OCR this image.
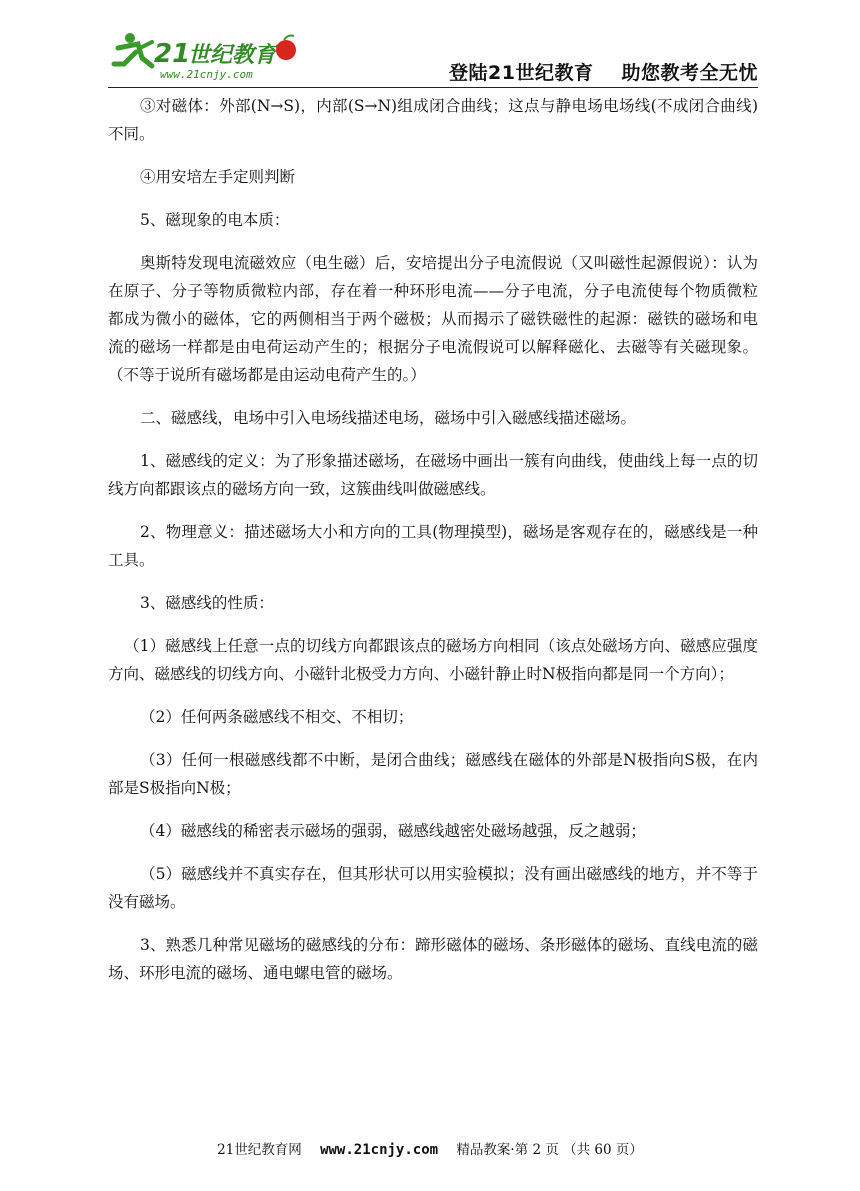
21
世纪教育
www.21cnjy.com	登陆21世纪教育 助您教考全无忧

③对磁体：外部(N→S)，内部(S→N)组成闭合曲线；这点与静电场电场线(不成闭合曲线)不同。

④用安培左手定则判断

5、磁现象的电本质：

奥斯特发现电流磁效应（电生磁）后，安培提出分子电流假说（又叫磁性起源假说）：认为在原子、分子等物质微粒内部，存在着一种环形电流——分子电流，分子电流使每个物质微粒都成为微小的磁体，它的两侧相当于两个磁极；从而揭示了磁铁磁性的起源：磁铁的磁场和电流的磁场一样都是由电荷运动产生的；根据分子电流假说可以解释磁化、去磁等有关磁现象。（不等于说所有磁场都是由运动电荷产生的。）

二、磁感线，电场中引入电场线描述电场，磁场中引入磁感线描述磁场。

1、磁感线的定义：为了形象描述磁场，在磁场中画出一簇有向曲线，使曲线上每一点的切线方向都跟该点的磁场方向一致，这簇曲线叫做磁感线。

2、物理意义：描述磁场大小和方向的工具(物理摸型)，磁场是客观存在的，磁感线是一种工具。

3、磁感线的性质：

（1）磁感线上任意一点的切线方向都跟该点的磁场方向相同（该点处磁场方向、磁感应强度方向、磁感线的切线方向、小磁针北极受力方向、小磁针静止时N极指向都是同一个方向）；

（2）任何两条磁感线不相交、不相切；

（3）任何一根磁感线都不中断，是闭合曲线；磁感线在磁体的外部是N极指向S极，在内部是S极指向N极；

（4）磁感线的稀密表示磁场的强弱，磁感线越密处磁场越强，反之越弱；

（5）磁感线并不真实存在，但其形状可以用实验模拟；没有画出磁感线的地方，并不等于没有磁场。

3、熟悉几种常见磁场的磁感线的分布：蹄形磁体的磁场、条形磁体的磁场、直线电流的磁场、环形电流的磁场、通电螺电管的磁场。

21世纪教育网 www.21cnjy.com 精品教案·第 2 页 （共 60 页）
